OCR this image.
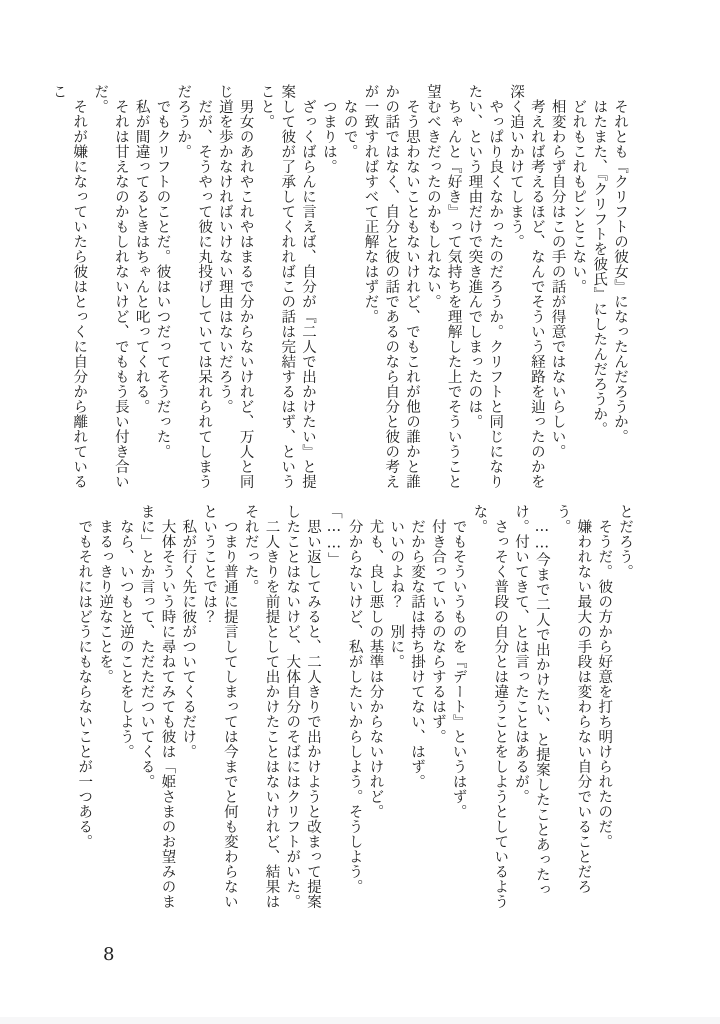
それとも『クリフトの彼女』になったんだろうか。

はたまた、『クリフトを彼氏』にしたんだろうか。

どれもこれもピンとこない。

相変わらず自分はこの手の話が得意ではないらしい。

考えれば考えるほど、なんでそういう経路を辿ったのかを深く追いかけてしまう。

やっぱり良くなかったのだろうか。クリフトと同じになりたい、という理由だけで突き進んでしまったのは。

ちゃんと『好き』って気持ちを理解した上でそういうこと望むべきだったのかもしれない。

そう思わないこともないけれど、でもこれが他の誰かと誰かの話ではなく、自分と彼の話であるのなら自分と彼の考えが一致すればすべて正解なはずだ。

なので。

つまりは。

ざっくばらんに言えば、自分が『二人で出かけたい』と提案して彼が了承してくれればこの話は完結するはず、ということ。

男女のあれやこれやはまるで分からないけれど、万人と同じ道を歩かなければいけない理由はないだろう。

だが、そうやって彼に丸投げしていては呆れられてしまうだろうか。

でもクリフトのことだ。彼はいつだってそうだった。

私が間違ってるときはちゃんと叱ってくれる。

それは甘えなのかもしれないけど、でももう長い付き合いだ。

それが嫌になっていたら彼はとっくに自分から離れているこ

とだろう。

そうだ。彼の方から好意を打ち明けられたのだ。

嫌われない最大の手段は変わらない自分でいることだろう。

……今まで二人で出かけたい、と提案したことあったっけ。付いてきて、とは言ったことはあるが。

さっそく普段の自分とは違うことをしようとしているような。

でもそういうものを『デート』というはず。

付き合っているのならするはず。

だから変な話は持ち掛けてない、はず。

いいのよね？　別に。

尤も、良し悪しの基準は分からないけれど。

分からないけど、私がしたいからしよう。そうしよう。

「……」

思い返してみると、二人きりで出かけようと改まって提案したことはないけど、大体自分のそばにはクリフトがいた。

二人きりを前提として出かけたことはないけれど、結果はそれだった。

つまり普通に提言してしまっては今までと何も変わらないということでは？

私が行く先に彼がついてくるだけ。

大体そういう時に尋ねてみても彼は「姫さまのお望みのままに」とか言って、ただただついてくる。

なら、いつもと逆のことをしよう。

まるっきり逆なことを。

でもそれにはどうにもならないことが一つある。

8
